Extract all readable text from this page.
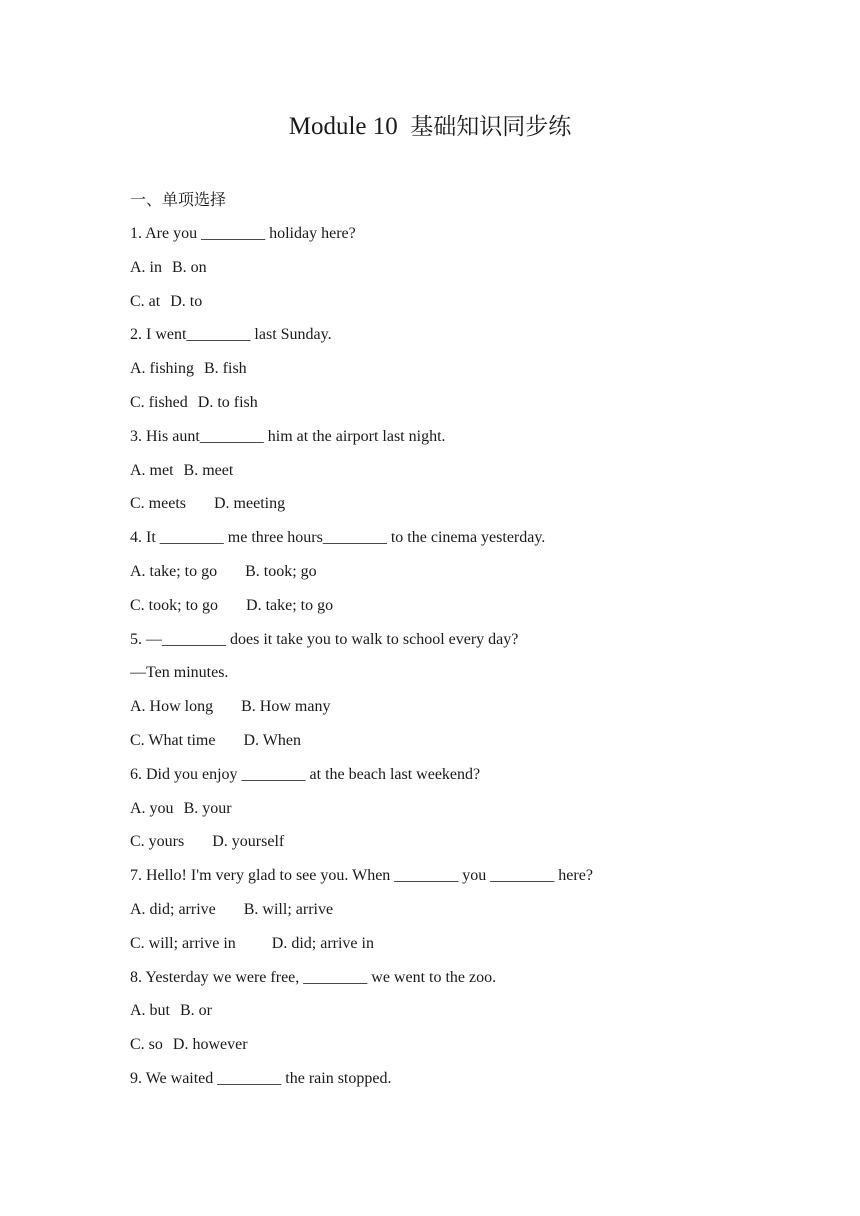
Module 10 基础知识同步练
一、单项选择
1. Are you ________ holiday here?
A. in B. on
C. at D. to
2. I went________ last Sunday.
A. fishing B. fish
C. fished D. to fish
3. His aunt________ him at the airport last night.
A. met B. meet
C. meets D. meeting
4. It ________ me three hours________ to the cinema yesterday.
A. take; to go B. took; go
C. took; to go D. take; to go
5. —________ does it take you to walk to school every day?
—Ten minutes.
A. How long B. How many
C. What time D. When
6. Did you enjoy ________ at the beach last weekend?
A. you B. your
C. yours D. yourself
7. Hello! I'm very glad to see you. When ________ you ________ here?
A. did; arrive B. will; arrive
C. will; arrive in D. did; arrive in
8. Yesterday we were free, ________ we went to the zoo.
A. but B. or
C. so D. however
9. We waited ________ the rain stopped.
